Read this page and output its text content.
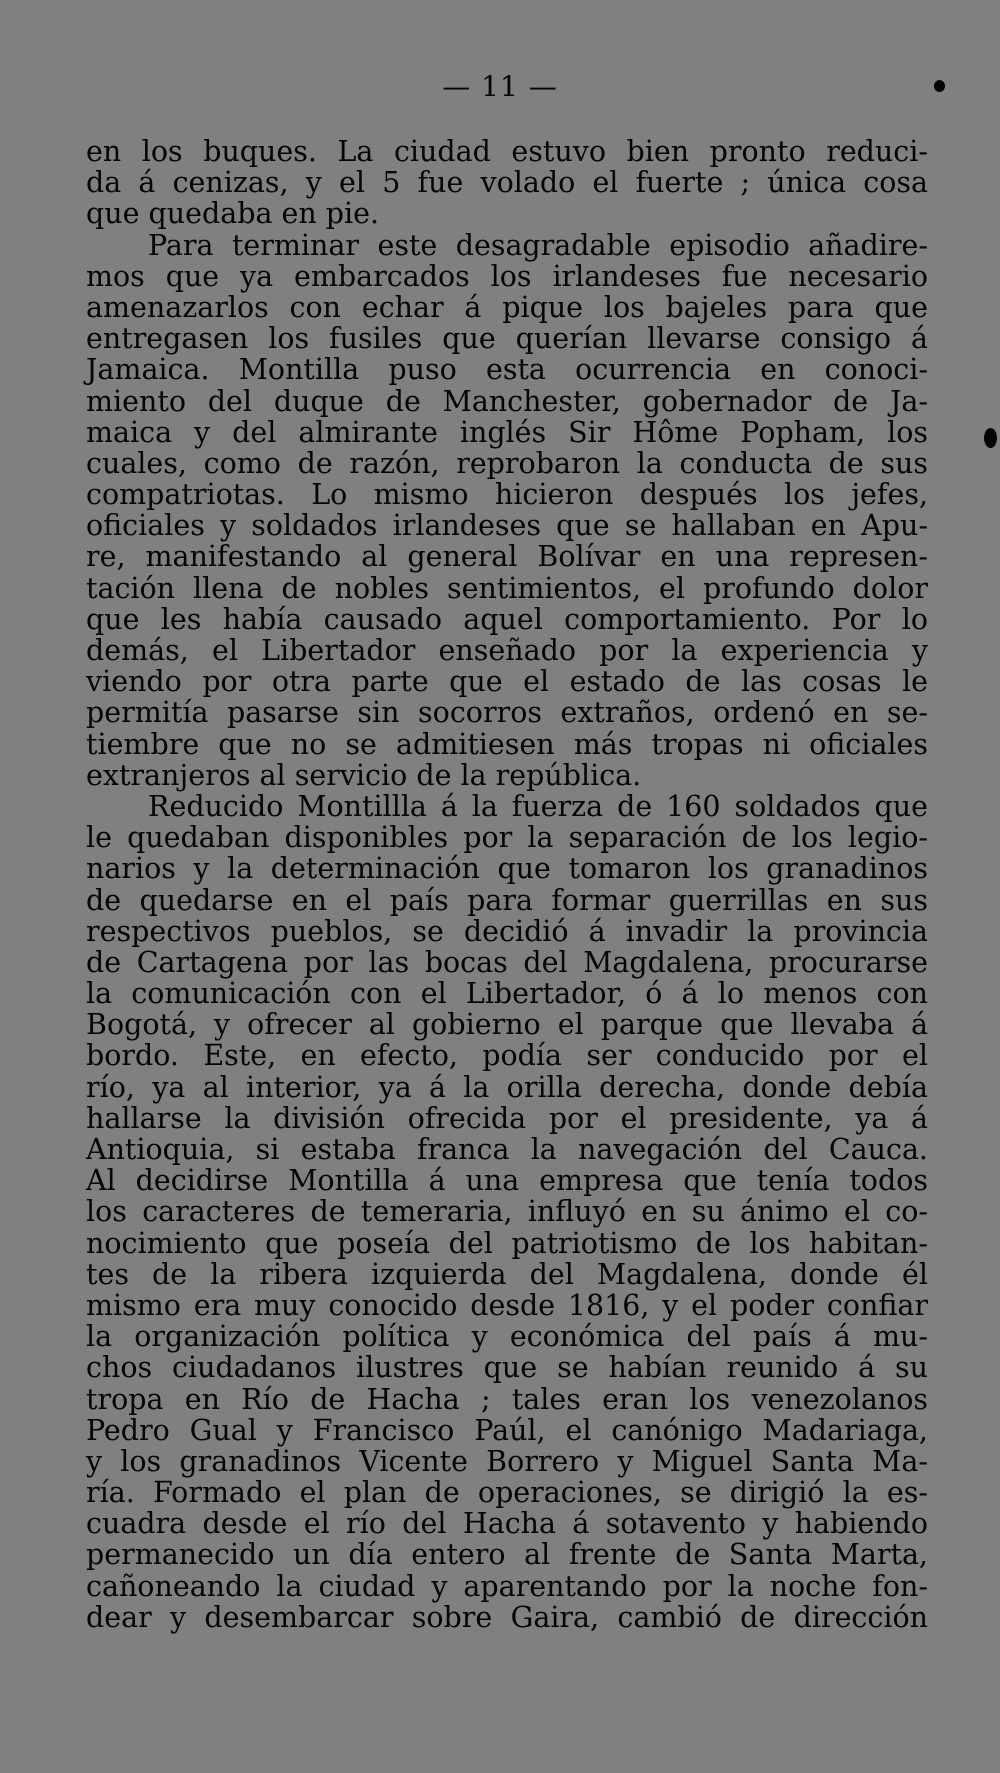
— 11 —
en los buques. La ciudad estuvo bien pronto reduci-
da á cenizas, y el 5 fue volado el fuerte ; única cosa
que quedaba en pie.
Para terminar este desagradable episodio añadire-
mos que ya embarcados los irlandeses fue necesario
amenazarlos con echar á pique los bajeles para que
entregasen los fusiles que querían llevarse consigo á
Jamaica. Montilla puso esta ocurrencia en conoci-
miento del duque de Manchester, gobernador de Ja-
maica y del almirante inglés Sir Hôme Popham, los
cuales, como de razón, reprobaron la conducta de sus
compatriotas. Lo mismo hicieron después los jefes,
oficiales y soldados irlandeses que se hallaban en Apu-
re, manifestando al general Bolívar en una represen-
tación llena de nobles sentimientos, el profundo dolor
que les había causado aquel comportamiento. Por lo
demás, el Libertador enseñado por la experiencia y
viendo por otra parte que el estado de las cosas le
permitía pasarse sin socorros extraños, ordenó en se-
tiembre que no se admitiesen más tropas ni oficiales
extranjeros al servicio de la república.
Reducido Montillla á la fuerza de 160 soldados que
le quedaban disponibles por la separación de los legio-
narios y la determinación que tomaron los granadinos
de quedarse en el país para formar guerrillas en sus
respectivos pueblos, se decidió á invadir la provincia
de Cartagena por las bocas del Magdalena, procurarse
la comunicación con el Libertador, ó á lo menos con
Bogotá, y ofrecer al gobierno el parque que llevaba á
bordo. Este, en efecto, podía ser conducido por el
río, ya al interior, ya á la orilla derecha, donde debía
hallarse la división ofrecida por el presidente, ya á
Antioquia, si estaba franca la navegación del Cauca.
Al decidirse Montilla á una empresa que tenía todos
los caracteres de temeraria, influyó en su ánimo el co-
nocimiento que poseía del patriotismo de los habitan-
tes de la ribera izquierda del Magdalena, donde él
mismo era muy conocido desde 1816, y el poder confiar
la organización política y económica del país á mu-
chos ciudadanos ilustres que se habían reunido á su
tropa en Río de Hacha ; tales eran los venezolanos
Pedro Gual y Francisco Paúl, el canónigo Madariaga,
y los granadinos Vicente Borrero y Miguel Santa Ma-
ría. Formado el plan de operaciones, se dirigió la es-
cuadra desde el río del Hacha á sotavento y habiendo
permanecido un día entero al frente de Santa Marta,
cañoneando la ciudad y aparentando por la noche fon-
dear y desembarcar sobre Gaira, cambió de dirección
